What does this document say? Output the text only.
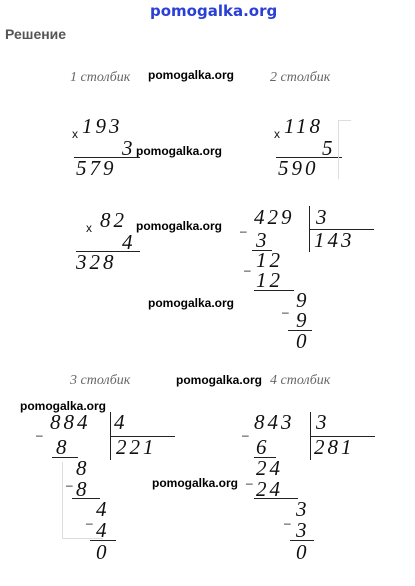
pomogalka.org
Решение
1 столбик	2 столбик
3 столбик	4 столбик
pomogalka.org
pomogalka.org
pomogalka.org
pomogalka.org
pomogalka.org
pomogalka.org
pomogalka.org
x 193
3
579
x 118
5
590
x 82
4
328
–
429 3
143
3
– 12
12
– 9
9
0
–
884 4
221
8
–
8
8
–
4
4
0
–
843 3
281
6
–
24
24
–
3
3
0
